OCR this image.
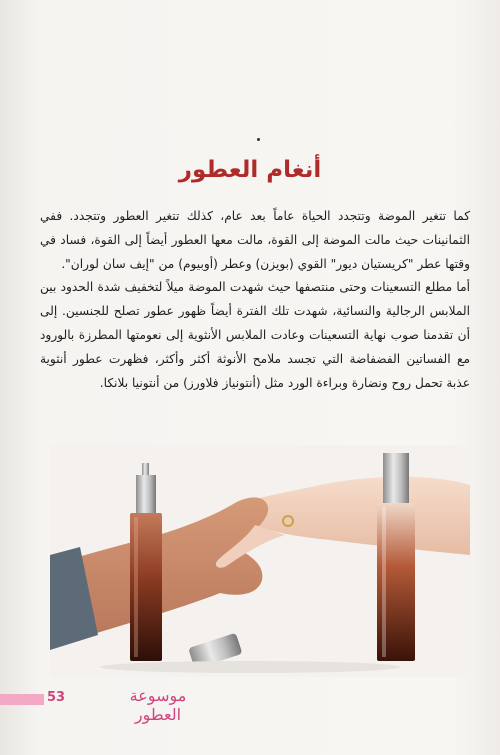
أنغام العطور

كما تتغير الموضة وتتجدد الحياة عاماً بعد عام، كذلك تتغير العطور وتتجدد. ففي الثمانينات حيث مالت الموضة إلى القوة، مالت معها العطور أيضاً إلى القوة، فساد في وقتها عطر "كريستيان ديور" القوي (بويزن) وعطر (أوبيوم) من "إيف سان لوران".

أما مطلع التسعينات وحتى منتصفها حيث شهدت الموضة ميلاً لتخفيف شدة الحدود بين الملابس الرجالية والنسائية، شهدت تلك الفترة أيضاً ظهور عطور تصلح للجنسين. إلى أن تقدمنا صوب نهاية التسعينات وعادت الملابس الأنثوية إلى نعومتها المطرزة بالورود مع الفساتين الفضفاضة التي تجسد ملامح الأنوثة أكثر وأكثر، فظهرت عطور أنثوية عذبة تحمل روح ونضارة وبراءة الورد مثل (أنتونياز فلاورز) من أنتونيا بلانكا.

53	موسوعة العطور
